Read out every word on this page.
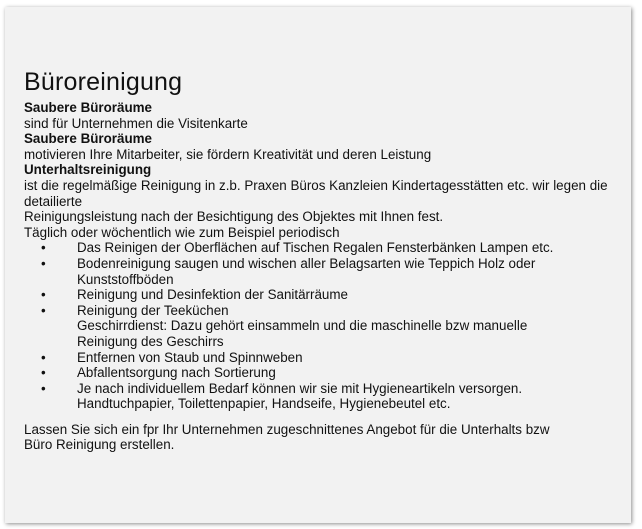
Büroreinigung
Saubere Büroräume
sind für Unternehmen die Visitenkarte
Saubere Büroräume
motivieren Ihre Mitarbeiter, sie fördern Kreativität und deren Leistung
Unterhaltsreinigung
ist die regelmäßige Reinigung in z.b. Praxen Büros Kanzleien Kindertagesstätten etc. wir legen die detailierte
Reinigungsleistung nach der Besichtigung des Objektes mit Ihnen fest.
Täglich oder wöchentlich wie zum Beispiel periodisch
• Das Reinigen der Oberflächen auf Tischen Regalen Fensterbänken Lampen etc.
• Bodenreinigung saugen und wischen aller Belagsarten wie Teppich Holz oder Kunststoffböden
• Reinigung und Desinfektion der Sanitärräume
• Reinigung der Teeküchen
Geschirrdienst: Dazu gehört einsammeln und die maschinelle bzw manuelle Reinigung des Geschirrs
• Entfernen von Staub und Spinnweben
• Abfallentsorgung nach Sortierung
• Je nach individuellem Bedarf können wir sie mit Hygieneartikeln versorgen.
Handtuchpapier, Toilettenpapier, Handseife, Hygienebeutel etc.
Lassen Sie sich ein fpr Ihr Unternehmen zugeschnittenes Angebot für die Unterhalts bzw Büro Reinigung erstellen.
